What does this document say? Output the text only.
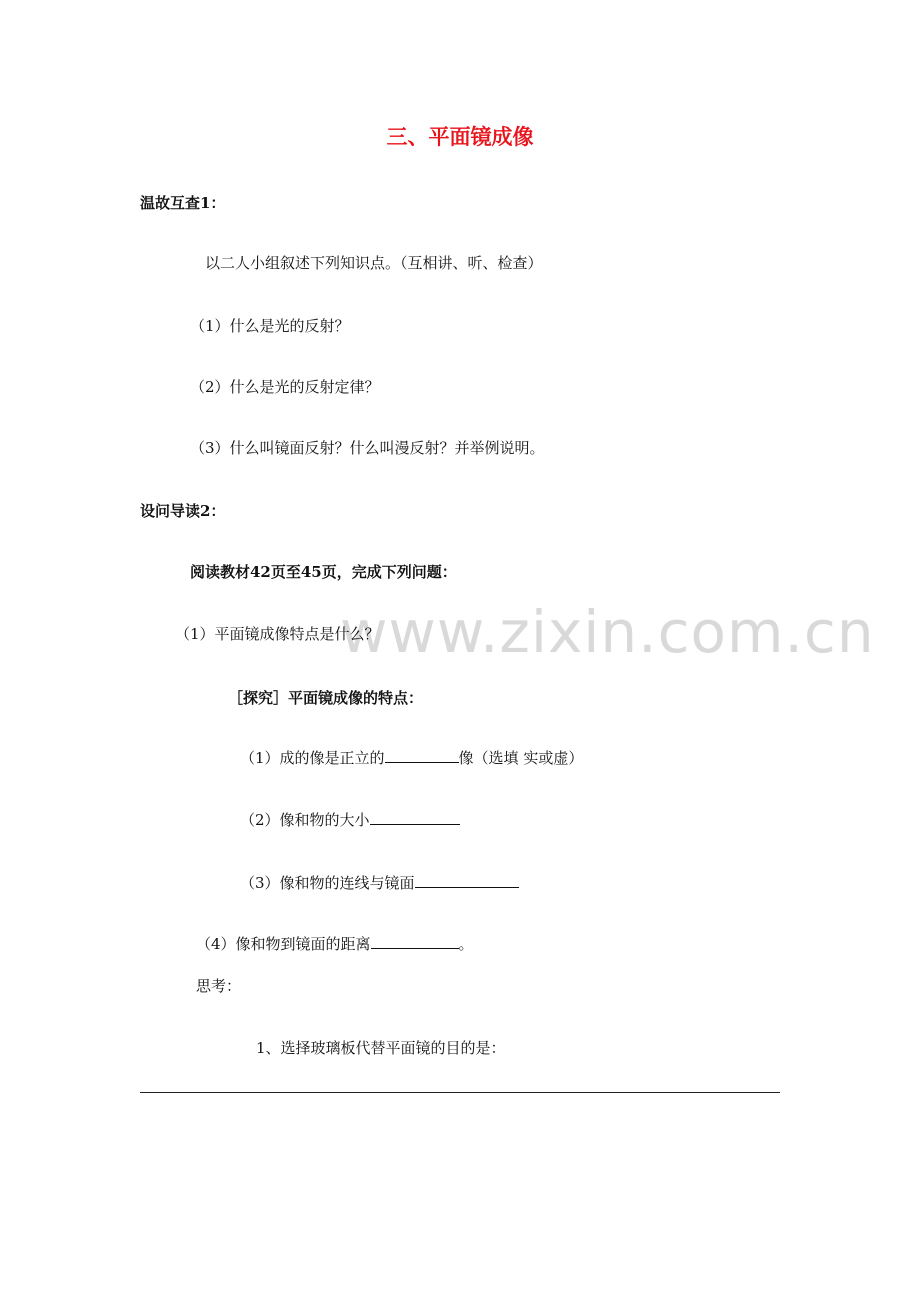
www.zixin.com.cn
三、平面镜成像
温故互查1：
以二人小组叙述下列知识点。（互相讲、听、检查）
（1）什么是光的反射？
（2）什么是光的反射定律？
（3）什么叫镜面反射？什么叫漫反射？并举例说明。
设问导读2：
阅读教材42页至45页，完成下列问题：
（1）平面镜成像特点是什么？
［探究］平面镜成像的特点：
（1）成的像是正立的	像（选填 实或虚）
（2）像和物的大小
（3）像和物的连线与镜面
（4）像和物到镜面的距离	。
思考：
1、选择玻璃板代替平面镜的目的是：
